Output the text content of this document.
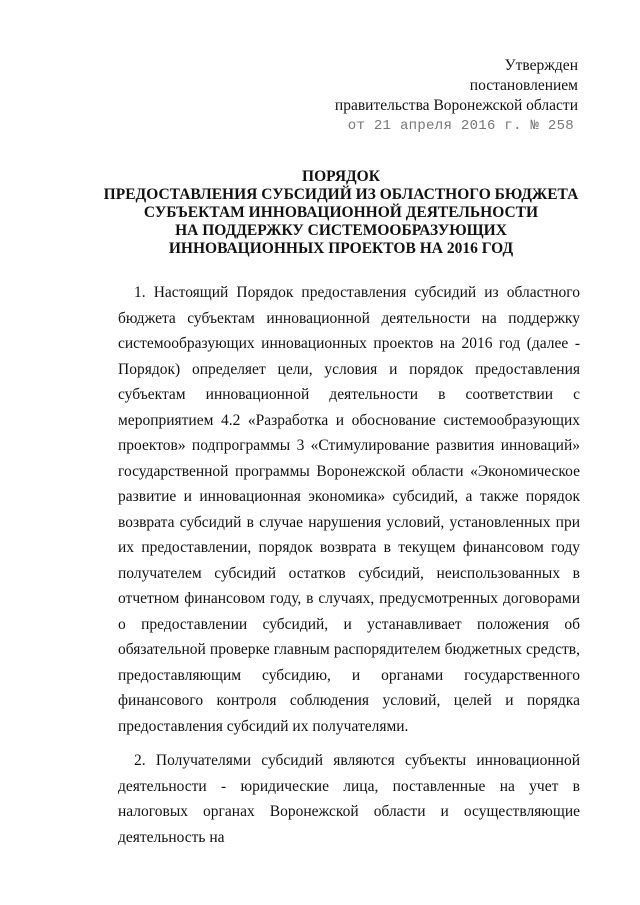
Утвержден
постановлением
правительства Воронежской области
от 21 апреля 2016 г. № 258
ПОРЯДОК
ПРЕДОСТАВЛЕНИЯ СУБСИДИЙ ИЗ ОБЛАСТНОГО БЮДЖЕТА
СУБЪЕКТАМ ИННОВАЦИОННОЙ ДЕЯТЕЛЬНОСТИ
НА ПОДДЕРЖКУ СИСТЕМООБРАЗУЮЩИХ
ИННОВАЦИОННЫХ ПРОЕКТОВ НА 2016 ГОД

1. Настоящий Порядок предоставления субсидий из областного бюджета субъектам инновационной деятельности на поддержку системообразующих инновационных проектов на 2016 год (далее - Порядок) определяет цели, условия и порядок предоставления субъектам инновационной деятельности в соответствии с мероприятием 4.2 «Разработка и обоснование системообразующих проектов» подпрограммы 3 «Стимулирование развития инноваций» государственной программы Воронежской области «Экономическое развитие и инновационная экономика» субсидий, а также порядок возврата субсидий в случае нарушения условий, установленных при их предоставлении, порядок возврата в текущем финансовом году получателем субсидий остатков субсидий, неиспользованных в отчетном финансовом году, в случаях, предусмотренных договорами о предоставлении субсидий, и устанавливает положения об обязательной проверке главным распорядителем бюджетных средств, предоставляющим субсидию, и органами государственного финансового контроля соблюдения условий, целей и порядка предоставления субсидий их получателями.

2. Получателями субсидий являются субъекты инновационной деятельности - юридические лица, поставленные на учет в налоговых органах Воронежской области и осуществляющие деятельность на
